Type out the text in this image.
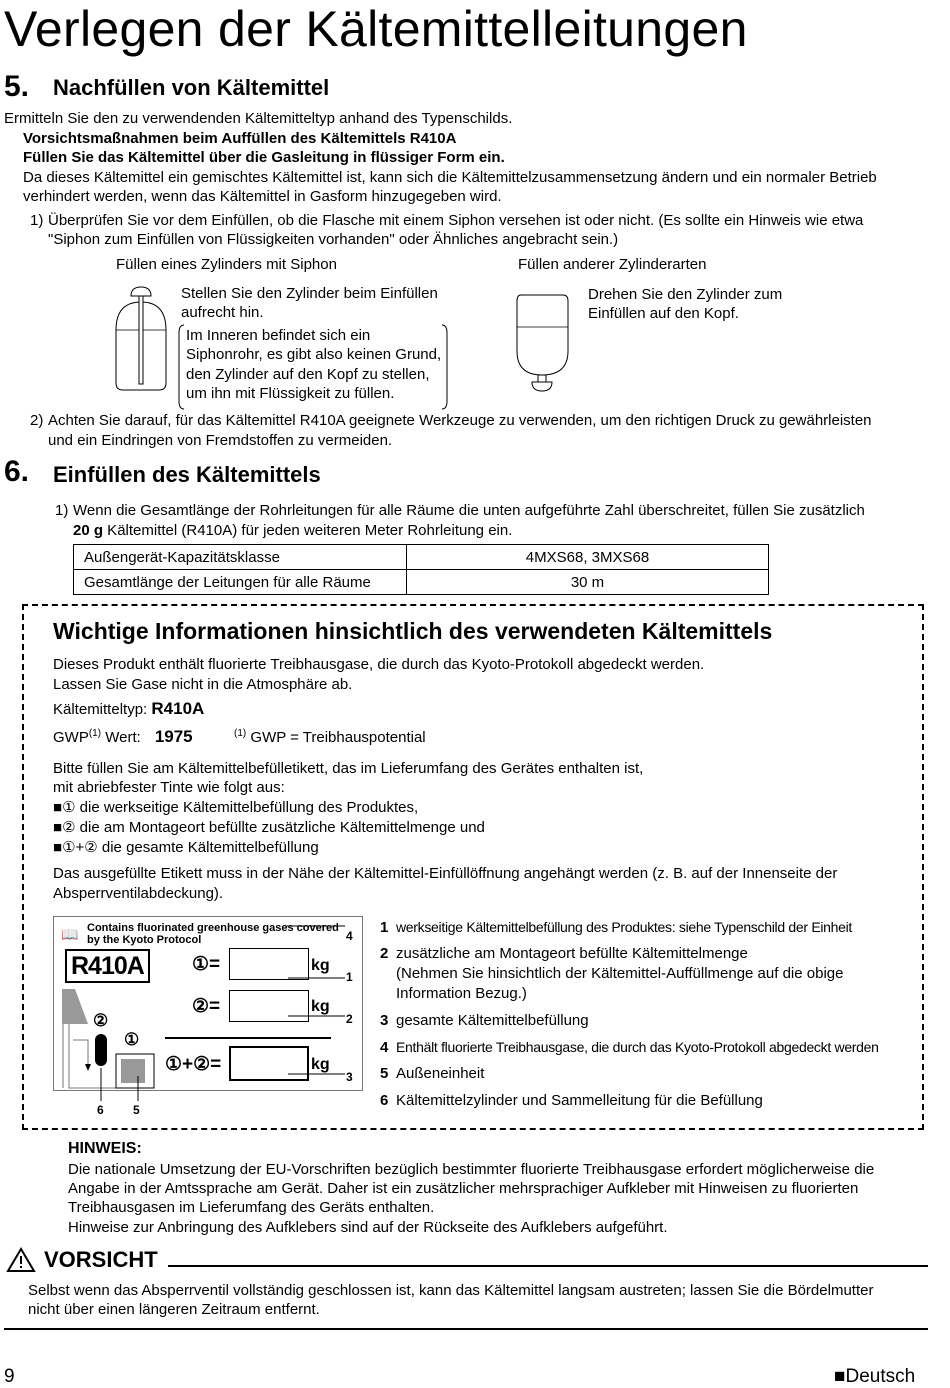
Verlegen der Kältemittelleitungen
5. Nachfüllen von Kältemittel
Ermitteln Sie den zu verwendenden Kältemitteltyp anhand des Typenschilds.
Vorsichtsmaßnahmen beim Auffüllen des Kältemittels R410A
Füllen Sie das Kältemittel über die Gasleitung in flüssiger Form ein.
Da dieses Kältemittel ein gemischtes Kältemittel ist, kann sich die Kältemittelzusammensetzung ändern und ein normaler Betrieb
verhindert werden, wenn das Kältemittel in Gasform hinzugegeben wird.
1) Überprüfen Sie vor dem Einfüllen, ob die Flasche mit einem Siphon versehen ist oder nicht. (Es sollte ein Hinweis wie etwa
"Siphon zum Einfüllen von Flüssigkeiten vorhanden" oder Ähnliches angebracht sein.)
Füllen eines Zylinders mit Siphon	Füllen anderer Zylinderarten
Stellen Sie den Zylinder beim Einfüllen
aufrecht hin.
Im Inneren befindet sich ein
Siphonrohr, es gibt also keinen Grund,
den Zylinder auf den Kopf zu stellen,
um ihn mit Flüssigkeit zu füllen.
Drehen Sie den Zylinder zum
Einfüllen auf den Kopf.
2) Achten Sie darauf, für das Kältemittel R410A geeignete Werkzeuge zu verwenden, um den richtigen Druck zu gewährleisten
und ein Eindringen von Fremdstoffen zu vermeiden.
6. Einfüllen des Kältemittels
1) Wenn die Gesamtlänge der Rohrleitungen für alle Räume die unten aufgeführte Zahl überschreitet, füllen Sie zusätzlich
20 g Kältemittel (R410A) für jeden weiteren Meter Rohrleitung ein.
Außengerät-Kapazitätsklasse	4MXS68, 3MXS68
Gesamtlänge der Leitungen für alle Räume	30 m
Wichtige Informationen hinsichtlich des verwendeten Kältemittels
Dieses Produkt enthält fluorierte Treibhausgase, die durch das Kyoto-Protokoll abgedeckt werden.
Lassen Sie Gase nicht in die Atmosphäre ab.
Kältemitteltyp: R410A
GWP$^{(1)}$ Wert: 1975	$^{(1)}$ GWP = Treibhauspotential
Bitte füllen Sie am Kältemittelbefülletikett, das im Lieferumfang des Gerätes enthalten ist,
mit abriebfester Tinte wie folgt aus:
■① die werkseitige Kältemittelbefüllung des Produktes,
■② die am Montageort befüllte zusätzliche Kältemittelmenge und
■①+② die gesamte Kältemittelbefüllung
Das ausgefüllte Etikett muss in der Nähe der Kältemittel-Einfüllöffnung angehängt werden (z. B. auf der Innenseite der
Absperrventilabdeckung).
Contains fluorinated greenhouse gases covered
by the Kyoto Protocol
📖
R410A	①=
②=
①+②=
kg
kg
kg
②
①
4
1
2
3
6 5
1 werkseitige Kältemittelbefüllung des Produktes: siehe Typenschild der Einheit
2 zusätzliche am Montageort befüllte Kältemittelmenge
(Nehmen Sie hinsichtlich der Kältemittel-Auffüllmenge auf die obige
Information Bezug.)
3 gesamte Kältemittelbefüllung
4 Enthält fluorierte Treibhausgase, die durch das Kyoto-Protokoll abgedeckt werden
5 Außeneinheit
6 Kältemittelzylinder und Sammelleitung für die Befüllung
HINWEIS:
Die nationale Umsetzung der EU-Vorschriften bezüglich bestimmter fluorierte Treibhausgase erfordert möglicherweise die
Angabe in der Amtssprache am Gerät. Daher ist ein zusätzlicher mehrsprachiger Aufkleber mit Hinweisen zu fluorierten
Treibhausgasen im Lieferumfang des Geräts enthalten.
Hinweise zur Anbringung des Aufklebers sind auf der Rückseite des Aufklebers aufgeführt.
VORSICHT
Selbst wenn das Absperrventil vollständig geschlossen ist, kann das Kältemittel langsam austreten; lassen Sie die Bördelmutter
nicht über einen längeren Zeitraum entfernt.
9	■Deutsch
